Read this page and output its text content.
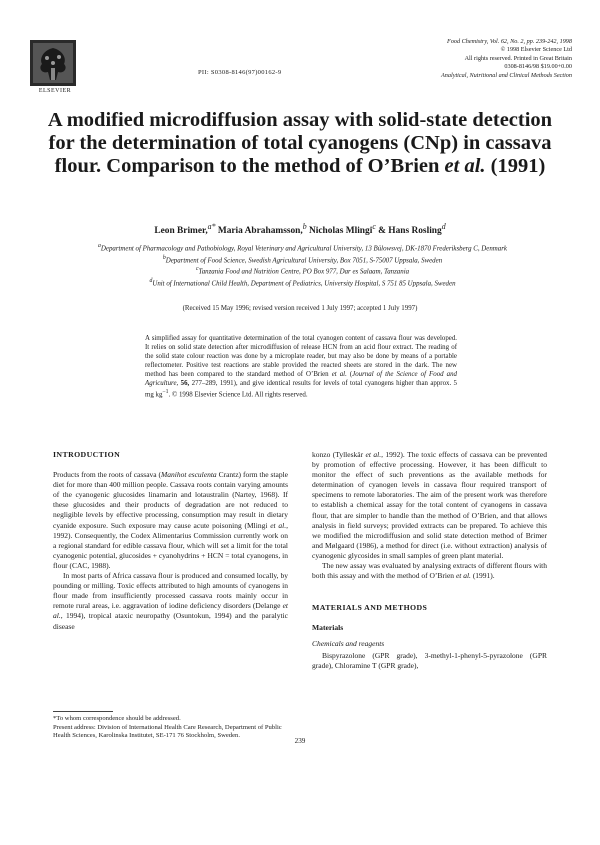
ELSEVIER
PII: S0308-8146(97)00162-9
Food Chemistry, Vol. 62, No. 2, pp. 239-242, 1998
© 1998 Elsevier Science Ltd
All rights reserved. Printed in Great Britain
0308-8146/98 $19.00+0.00
Analytical, Nutritional and Clinical Methods Section
A modified microdiffusion assay with solid-state detection for the determination of total cyanogens (CNp) in cassava flour. Comparison to the method of O’Brien et al. (1991)
Leon Brimer,$^{a*}$ Maria Abrahamsson,$^b$ Nicholas Mlingi$^c$ & Hans Rosling$^d$
$^a$Department of Pharmacology and Pathobiology, Royal Veterinary and Agricultural University, 13 Bülowsvej, DK-1870 Frederiksberg C, Denmark
$^b$Department of Food Science, Swedish Agricultural University, Box 7051, S-75007 Uppsala, Sweden
$^c$Tanzania Food and Nutrition Centre, PO Box 977, Dar es Salaam, Tanzania
$^d$Unit of International Child Health, Department of Pediatrics, University Hospital, S 751 85 Uppsala, Sweden
(Received 15 May 1996; revised version received 1 July 1997; accepted 1 July 1997)
A simplified assay for quantitative determination of the total cyanogen content of cassava flour was developed. It relies on solid state detection after microdiffusion of release HCN from an acid flour extract. The reading of the solid state colour reaction was done by a microplate reader, but may also be done by means of a portable reflectometer. Positive test reactions are stable provided the reacted sheets are stored in the dark. The new method has been compared to the standard method of O’Brien et al. (Journal of the Science of Food and Agriculture, 56, 277–289, 1991), and give identical results for levels of total cyanogens higher than approx. 5 mg $kg^{-1}$. © 1998 Elsevier Science Ltd. All rights reserved.
INTRODUCTION
Products from the roots of cassava (Manihot esculenta Crantz) form the staple diet for more than 400 million people. Cassava roots contain varying amounts of the cyanogenic glucosides linamarin and lotaustralin (Nartey, 1968). If these glucosides and their products of degradation are not reduced to negligible levels by effective processing, consumption may result in dietary cyanide exposure. Such exposure may cause acute poisoning (Mlingi et al., 1992). Consequently, the Codex Alimentarius Commission currently work on a regional standard for edible cassava flour, which will set a limit for the total cyanogenic potential, glucosides + cyanohydrins + HCN = total cyanogens, in flour (CAC, 1988).
In most parts of Africa cassava flour is produced and consumed locally, by pounding or milling. Toxic effects attributed to high amounts of cyanogens in flour made from insufficiently processed cassava roots mainly occur in remote rural areas, i.e. aggravation of iodine deficiency disorders (Delange et al., 1994), tropical ataxic neuropathy (Osuntokun, 1994) and the paralytic disease
konzo (Tylleskär et al., 1992). The toxic effects of cassava can be prevented by promotion of effective processing. However, it has been difficult to monitor the effect of such preventions as the available methods for determination of cyanogen levels in cassava flour required transport of specimens to remote laboratories. The aim of the present work was therefore to establish a chemical assay for the total content of cyanogens in cassava flour, that are simpler to handle than the method of O’Brien, and that allows analysis in field surveys; provided extracts can be prepared. To achieve this we modified the microdiffusion and solid state detection method of Brimer and Mølgaard (1986), a method for direct (i.e. without extraction) analysis of cyanogenic glycosides in small samples of green plant material.
The new assay was evaluated by analysing extracts of different flours with both this assay and with the method of O’Brien et al. (1991).
MATERIALS AND METHODS
Materials
Chemicals and reagents
Bispyrazolone (GPR grade), 3-methyl-1-phenyl-5-pyrazolone (GPR grade), Chloramine T (GPR grade),
*To whom correspondence should be addressed.
Present address: Division of International Health Care Research, Department of Public Health Sciences, Karolinska Institutet, SE-171 76 Stockholm, Sweden.
239
